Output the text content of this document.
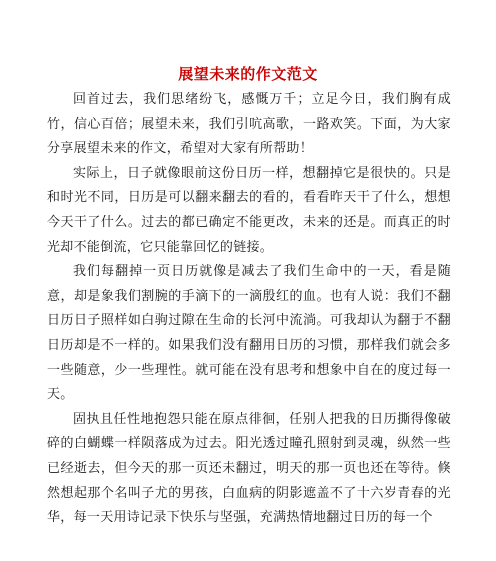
展望未来的作文范文

回首过去，我们思绪纷飞，感慨万千；立足今日，我们胸有成竹，信心百倍；展望未来，我们引吭高歌，一路欢笑。下面，为大家分享展望未来的作文，希望对大家有所帮助！

实际上，日子就像眼前这份日历一样，想翻掉它是很快的。只是和时光不同，日历是可以翻来翻去的看的，看看昨天干了什么，想想今天干了什么。过去的都已确定不能更改，未来的还是。而真正的时光却不能倒流，它只能靠回忆的链接。

我们每翻掉一页日历就像是减去了我们生命中的一天，看是随意，却是象我们割腕的手滴下的一滴殷红的血。也有人说：我们不翻日历日子照样如白驹过隙在生命的长河中流淌。可我却认为翻于不翻日历却是不一样的。如果我们没有翻用日历的习惯，那样我们就会多一些随意，少一些理性。就可能在没有思考和想象中自在的度过每一天。

固执且任性地抱怨只能在原点徘徊，任别人把我的日历撕得像破碎的白蝴蝶一样陨落成为过去。阳光透过瞳孔照射到灵魂，纵然一些已经逝去，但今天的那一页还未翻过，明天的那一页也还在等待。倏然想起那个名叫子尤的男孩，白血病的阴影遮盖不了十六岁青春的光华，每一天用诗记录下快乐与坚强，充满热情地翻过日历的每一个
